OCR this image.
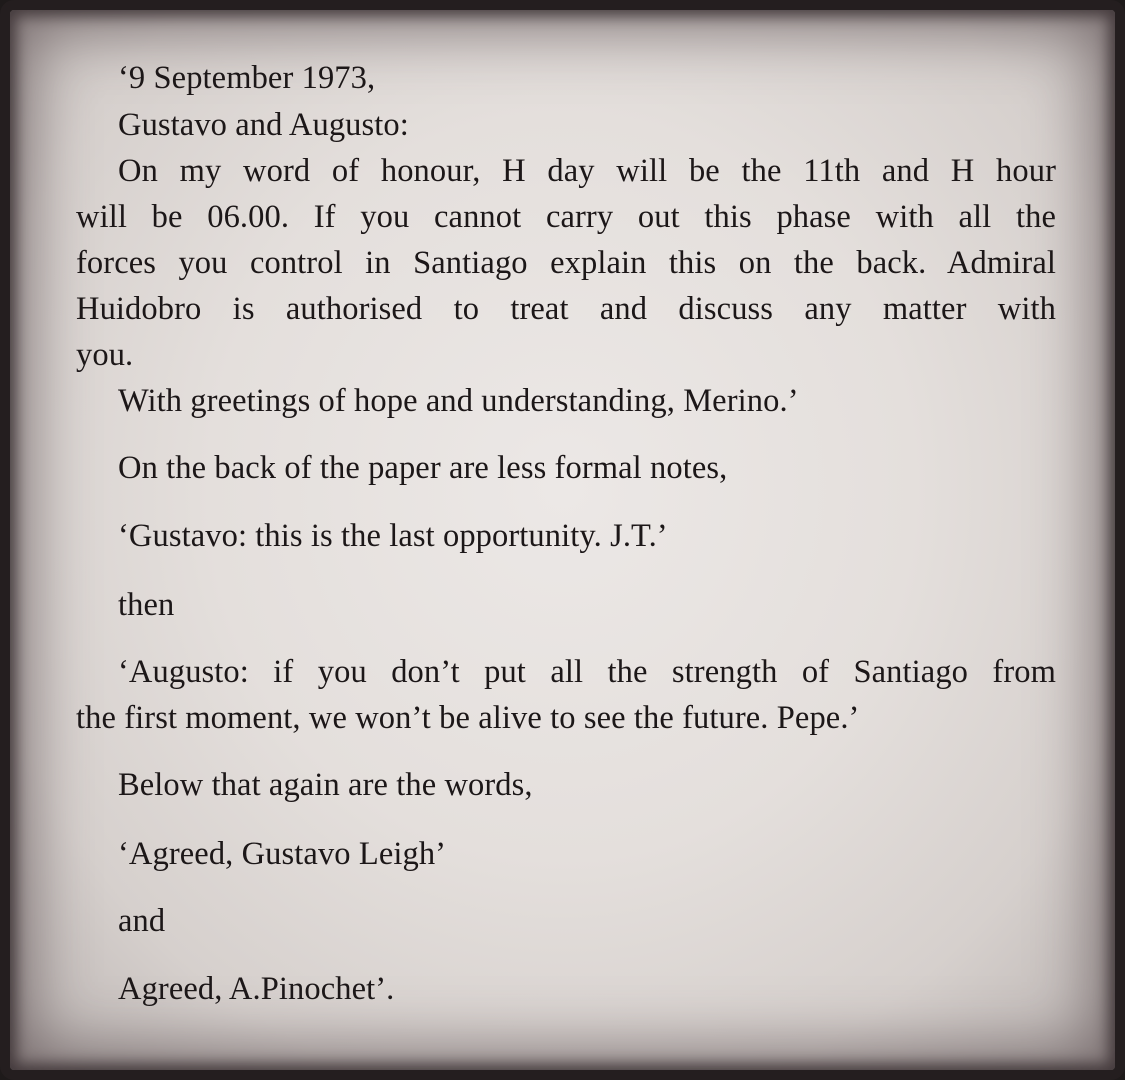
‘9 September 1973,
Gustavo and Augusto:
On my word of honour, H day will be the 11th and H hour
will be 06.00. If you cannot carry out this phase with all the
forces you control in Santiago explain this on the back. Admiral
Huidobro is authorised to treat and discuss any matter with
you.
With greetings of hope and understanding, Merino.’
On the back of the paper are less formal notes,
‘Gustavo: this is the last opportunity. J.T.’
then
‘Augusto: if you don’t put all the strength of Santiago from
the first moment, we won’t be alive to see the future. Pepe.’
Below that again are the words,
‘Agreed, Gustavo Leigh’
and
Agreed, A.Pinochet’.
